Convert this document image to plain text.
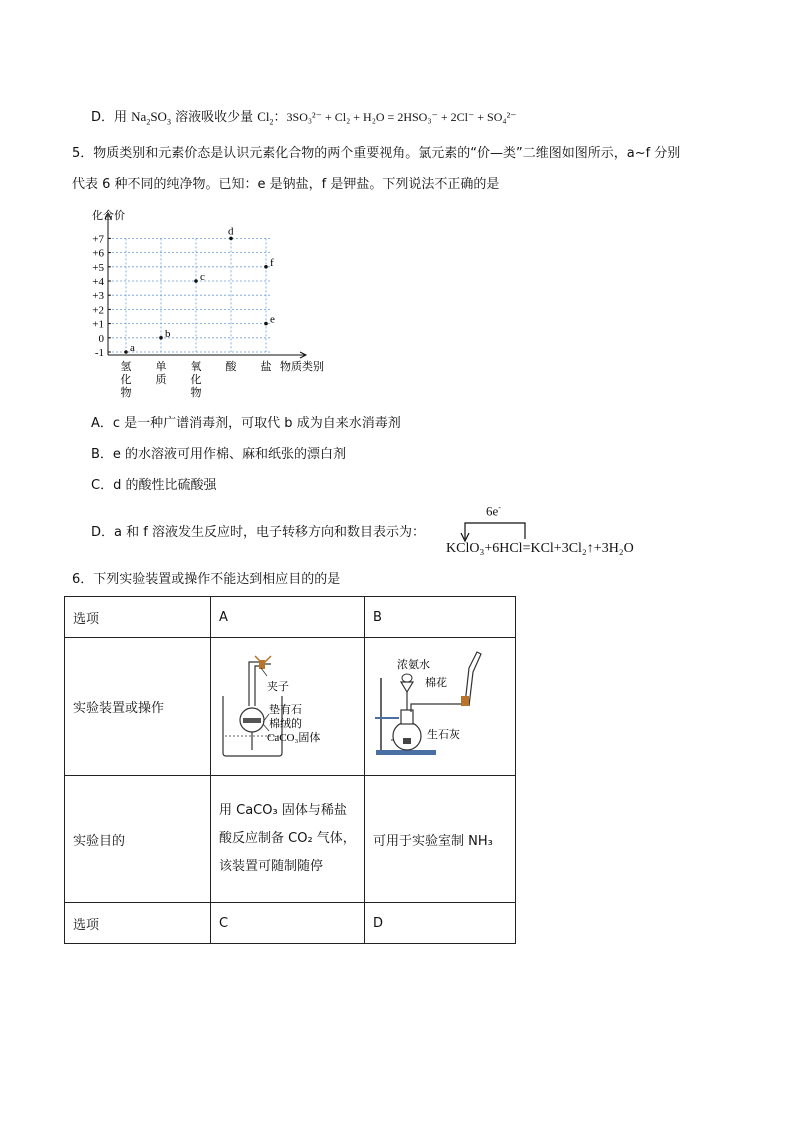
D．用 $Na_2SO_3$ 溶液吸收少量 $Cl_2$：3SO₃²⁻ + Cl₂ + H₂O = 2HSO₃⁻ + 2Cl⁻ + SO₄²⁻
5．物质类别和元素价态是认识元素化合物的两个重要视角。氯元素的“价—类”二维图如图所示，a~f 分别
代表 6 种不同的纯净物。已知：e 是钠盐，f 是钾盐。下列说法不正确的是
+7
+6
+5
+4
+3
+2
+1
0
-1
化合价
物质类别
氢
化
物
单
质
氧
化
物
酸 盐
a
b
c
d
e
f
A．c 是一种广谱消毒剂，可取代 b 成为自来水消毒剂
B．e 的水溶液可用作棉、麻和纸张的漂白剂
C．d 的酸性比硫酸强
D．a 和 f 溶液发生反应时，电子转移方向和数目表示为：
6e-
KClO₃+6HCl=KCl+3Cl₂↑+3H₂O
6．下列实验装置或操作不能达到相应目的的是
选项	A	B
实验装置或操作	夹子
垫有石
棉绒的
CaCO₃固体	浓氨水
棉花
生石灰

实验目的	用 CaCO₃ 固体与稀盐
酸反应制备 CO₂ 气体，
该装置可随制随停	可用于实验室制 NH₃
选项	C	D
